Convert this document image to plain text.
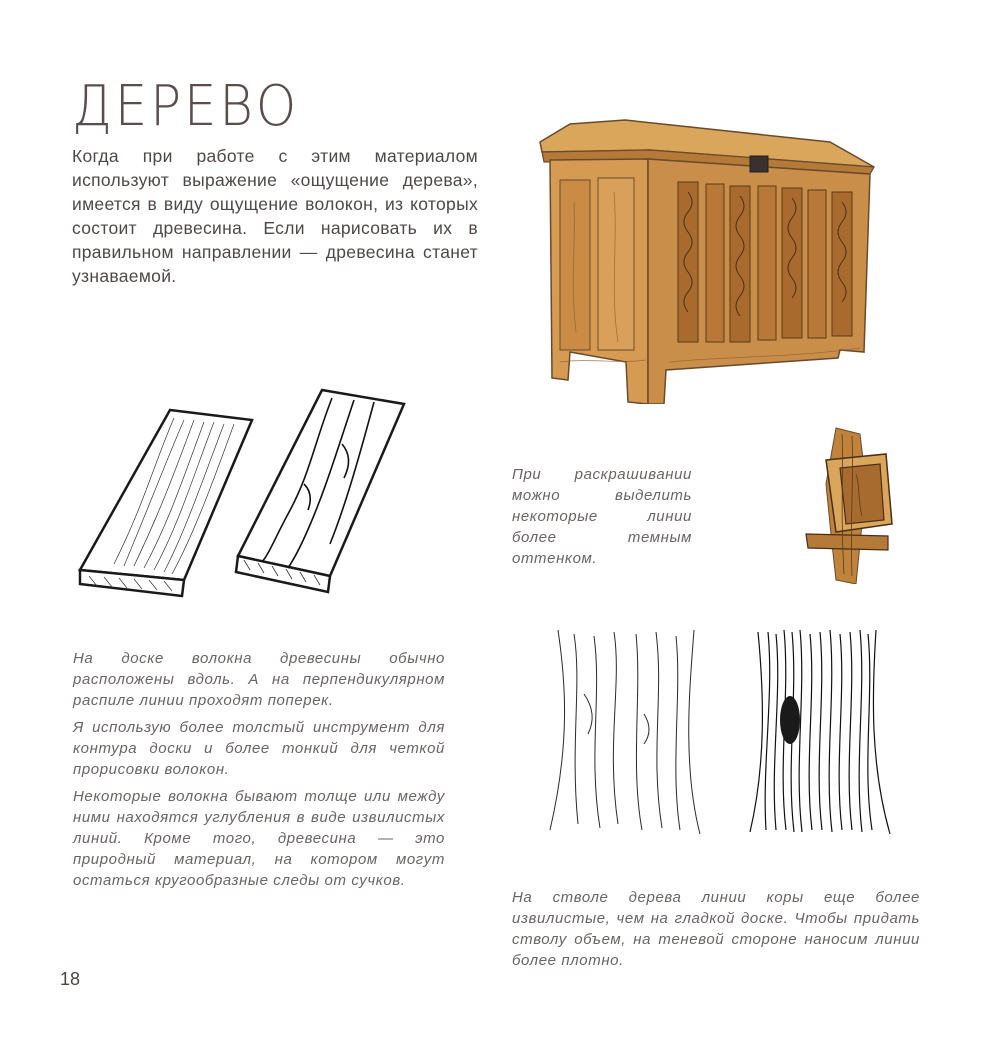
ДЕРЕВО
Когда при работе с этим материалом используют выражение «ощущение дерева», имеется в виду ощущение волокон, из которых состоит древесина. Если нарисовать их в правильном направлении — древесина станет узнаваемой.
При раскрашивании можно выделить некоторые линии более темным оттенком.

На доске волокна древесины обычно расположены вдоль. А на перпендикулярном распиле линии проходят поперек.

Я использую более толстый инструмент для контура доски и более тонкий для четкой прорисовки волокон.

Некоторые волокна бывают толще или между ними находятся углубления в виде извилистых линий. Кроме того, древесина — это природный материал, на котором могут остаться кругообразные следы от сучков.

На стволе дерева линии коры еще более извилистые, чем на гладкой доске. Чтобы придать стволу объем, на теневой стороне наносим линии более плотно.
18
